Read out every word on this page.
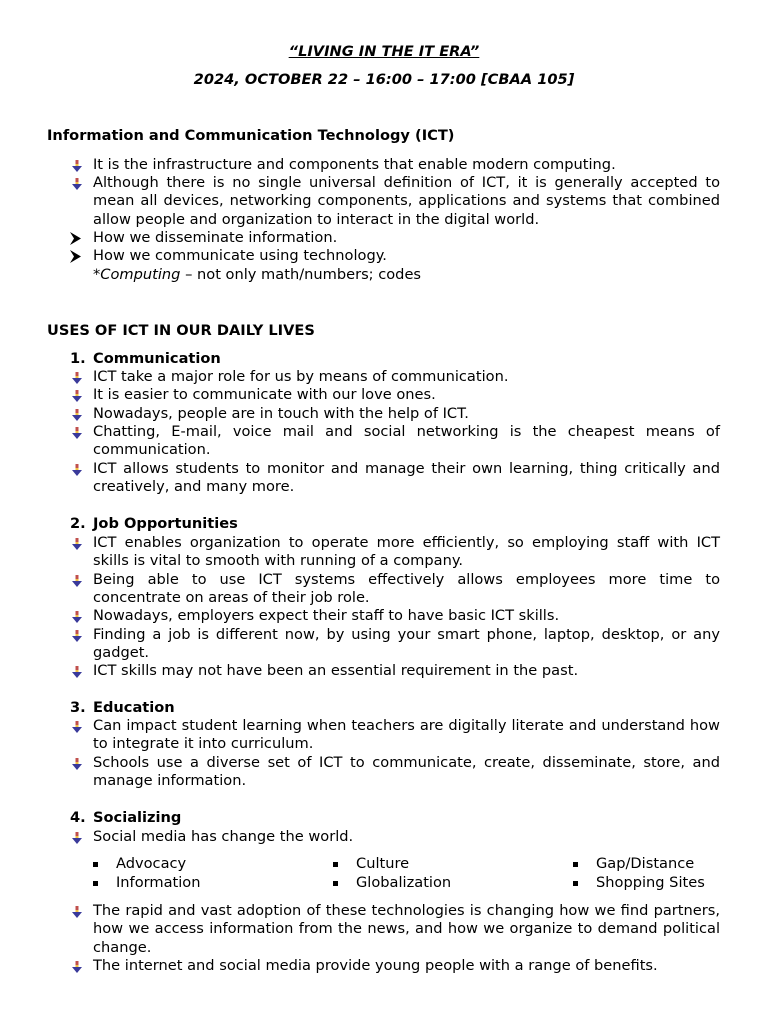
“LIVING IN THE IT ERA”
2024, OCTOBER 22 – 16:00 – 17:00 [CBAA 105]
Information and Communication Technology (ICT)
It is the infrastructure and components that enable modern computing.
Although there is no single universal definition of ICT, it is generally accepted to mean all devices, networking components, applications and systems that combined allow people and organization to interact in the digital world.
How we disseminate information.
How we communicate using technology.
*Computing – not only math/numbers; codes
USES OF ICT IN OUR DAILY LIVES
1. Communication
ICT take a major role for us by means of communication.
It is easier to communicate with our love ones.
Nowadays, people are in touch with the help of ICT.
Chatting, E-mail, voice mail and social networking is the cheapest means of communication.
ICT allows students to monitor and manage their own learning, thing critically and creatively, and many more.
2. Job Opportunities
ICT enables organization to operate more efficiently, so employing staff with ICT skills is vital to smooth with running of a company.
Being able to use ICT systems effectively allows employees more time to concentrate on areas of their job role.
Nowadays, employers expect their staff to have basic ICT skills.
Finding a job is different now, by using your smart phone, laptop, desktop, or any gadget.
ICT skills may not have been an essential requirement in the past.
3. Education
Can impact student learning when teachers are digitally literate and understand how to integrate it into curriculum.
Schools use a diverse set of ICT to communicate, create, disseminate, store, and manage information.
4. Socializing
Social media has change the world.
Advocacy
Information
Culture
Globalization
Gap/Distance
Shopping Sites
The rapid and vast adoption of these technologies is changing how we find partners, how we access information from the news, and how we organize to demand political change.
The internet and social media provide young people with a range of benefits.
